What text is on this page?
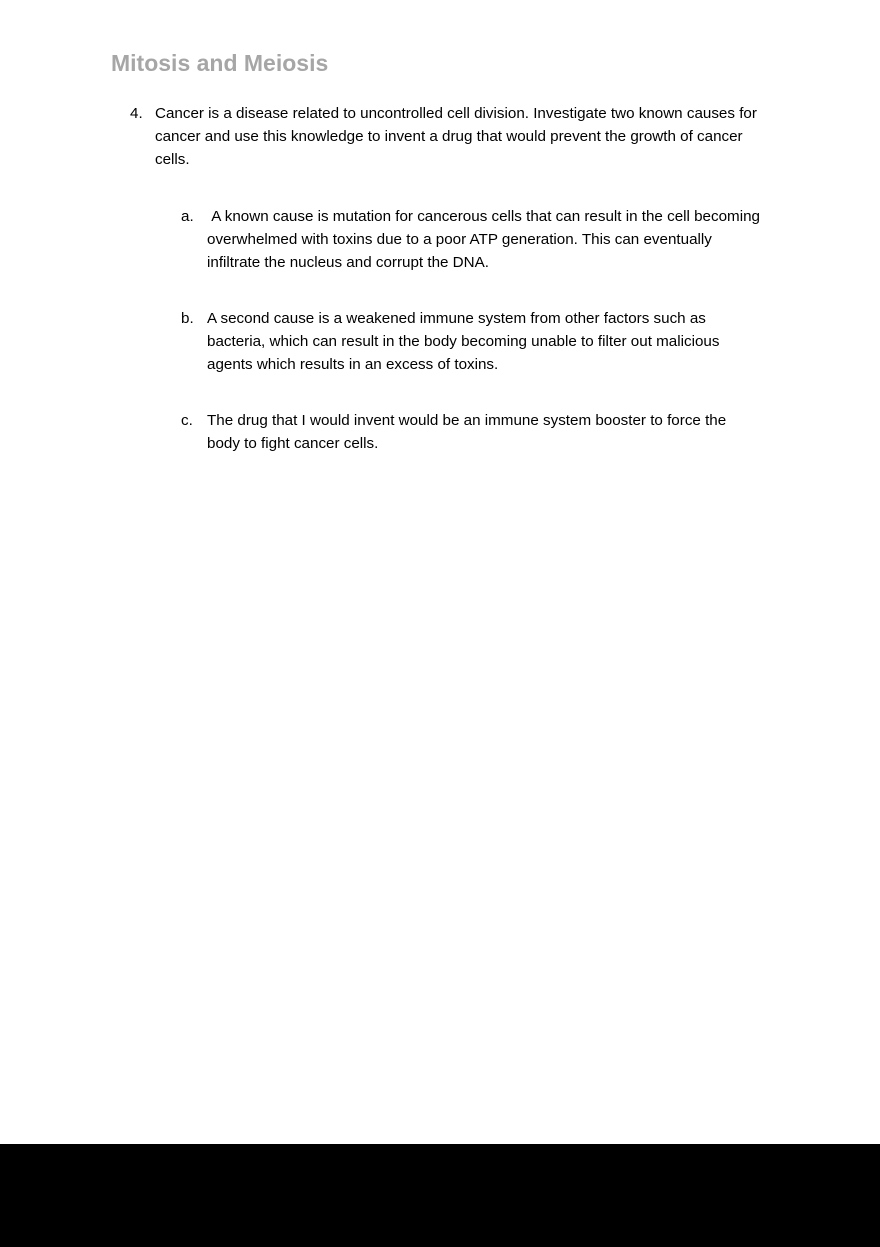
Mitosis and Meiosis
4. Cancer is a disease related to uncontrolled cell division. Investigate two known causes for cancer and use this knowledge to invent a drug that would prevent the growth of cancer cells.
a. A known cause is mutation for cancerous cells that can result in the cell becoming overwhelmed with toxins due to a poor ATP generation. This can eventually infiltrate the nucleus and corrupt the DNA.
b. A second cause is a weakened immune system from other factors such as bacteria, which can result in the body becoming unable to filter out malicious agents which results in an excess of toxins.
c. The drug that I would invent would be an immune system booster to force the body to fight cancer cells.
